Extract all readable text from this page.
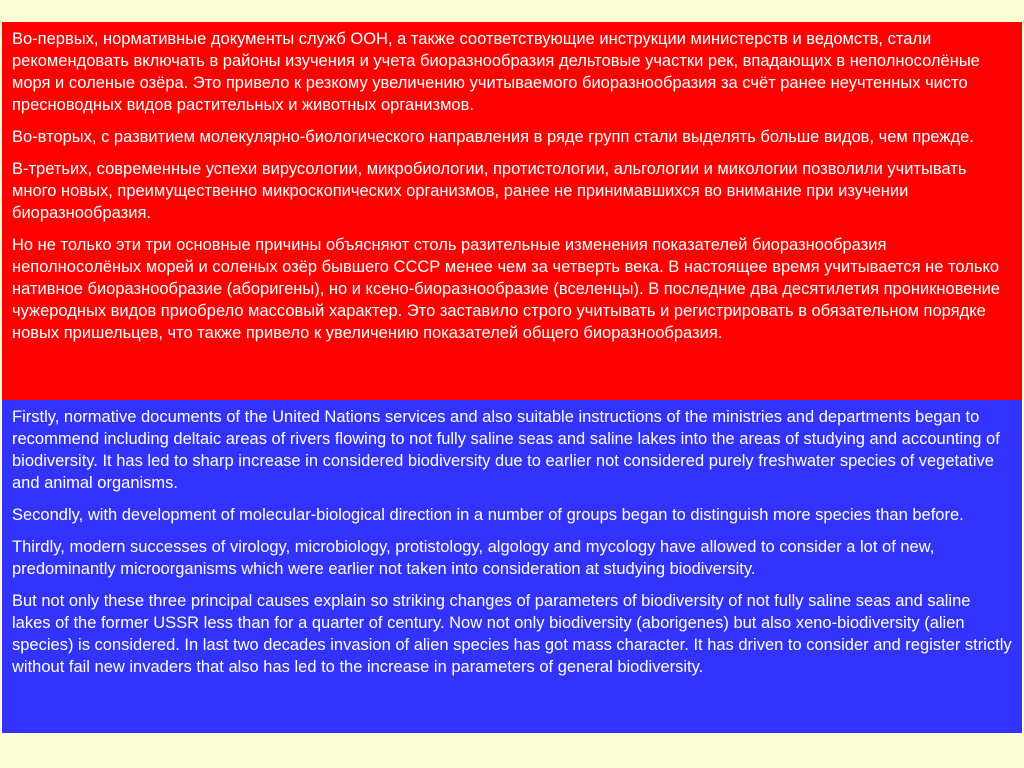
Во-первых, нормативные документы служб ООН, а также соответствующие инструкции министерств и ведомств, стали рекомендовать включать в районы изучения и учета биоразнообразия дельтовые участки рек, впадающих в неполносолёные моря и соленые озёра. Это привело к резкому увеличению учитываемого биоразнообразия за счёт ранее неучтенных чисто пресноводных видов растительных и животных организмов.

Во-вторых, с развитием молекулярно-биологического направления в ряде групп стали выделять больше видов, чем прежде.

В-третьих, современные успехи вирусологии, микробиологии, протистологии, альгологии и микологии позволили учитывать много новых, преимущественно микроскопических организмов, ранее не принимавшихся во внимание при изучении биоразнообразия.

Но не только эти три основные причины объясняют столь разительные изменения показателей биоразнообразия неполносолёных морей и соленых озёр бывшего СССР менее чем за четверть века. В настоящее время учитывается не только нативное биоразнообразие (аборигены), но и ксено-биоразнообразие (вселенцы). В последние два десятилетия проникновение чужеродных видов приобрело массовый характер. Это заставило строго учитывать и регистрировать в обязательном порядке новых пришельцев, что также привело к увеличению показателей общего биоразнообразия.

Firstly, normative documents of the United Nations services and also suitable instructions of the ministries and departments began to recommend including deltaic areas of rivers flowing to not fully saline seas and saline lakes into the areas of studying and accounting of biodiversity. It has led to sharp increase in considered biodiversity due to earlier not considered purely freshwater species of vegetative and animal organisms.

Secondly, with development of molecular-biological direction in a number of groups began to distinguish more species than before.

Thirdly, modern successes of virology, microbiology, protistology, algology and mycology have allowed to consider a lot of new, predominantly microorganisms which were earlier not taken into consideration at studying biodiversity.

But not only these three principal causes explain so striking changes of parameters of biodiversity of not fully saline seas and saline lakes of the former USSR less than for a quarter of century. Now not only biodiversity (aborigenes) but also xeno-biodiversity (alien species) is considered. In last two decades invasion of alien species has got mass character. It has driven to consider and register strictly without fail new invaders that also has led to the increase in parameters of general biodiversity.
